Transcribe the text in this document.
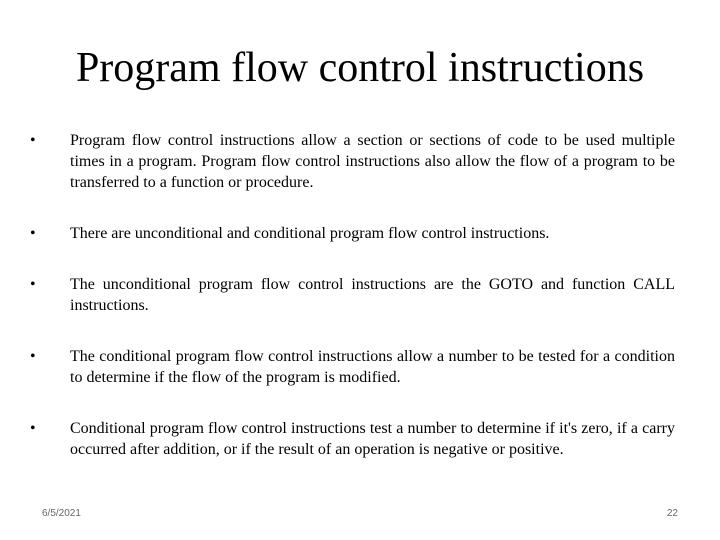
Program flow control instructions
•	Program flow control instructions allow a section or sections of code to be used multiple times in a program. Program flow control instructions also allow the flow of a program to be transferred to a function or procedure.
•	There are unconditional and conditional program flow control instructions.
•	The unconditional program flow control instructions are the GOTO and function CALL instructions.
•	The conditional program flow control instructions allow a number to be tested for a condition to determine if the flow of the program is modified.
•	Conditional program flow control instructions test a number to determine if it's zero, if a carry occurred after addition, or if the result of an operation is negative or positive.
6/5/2021	22
